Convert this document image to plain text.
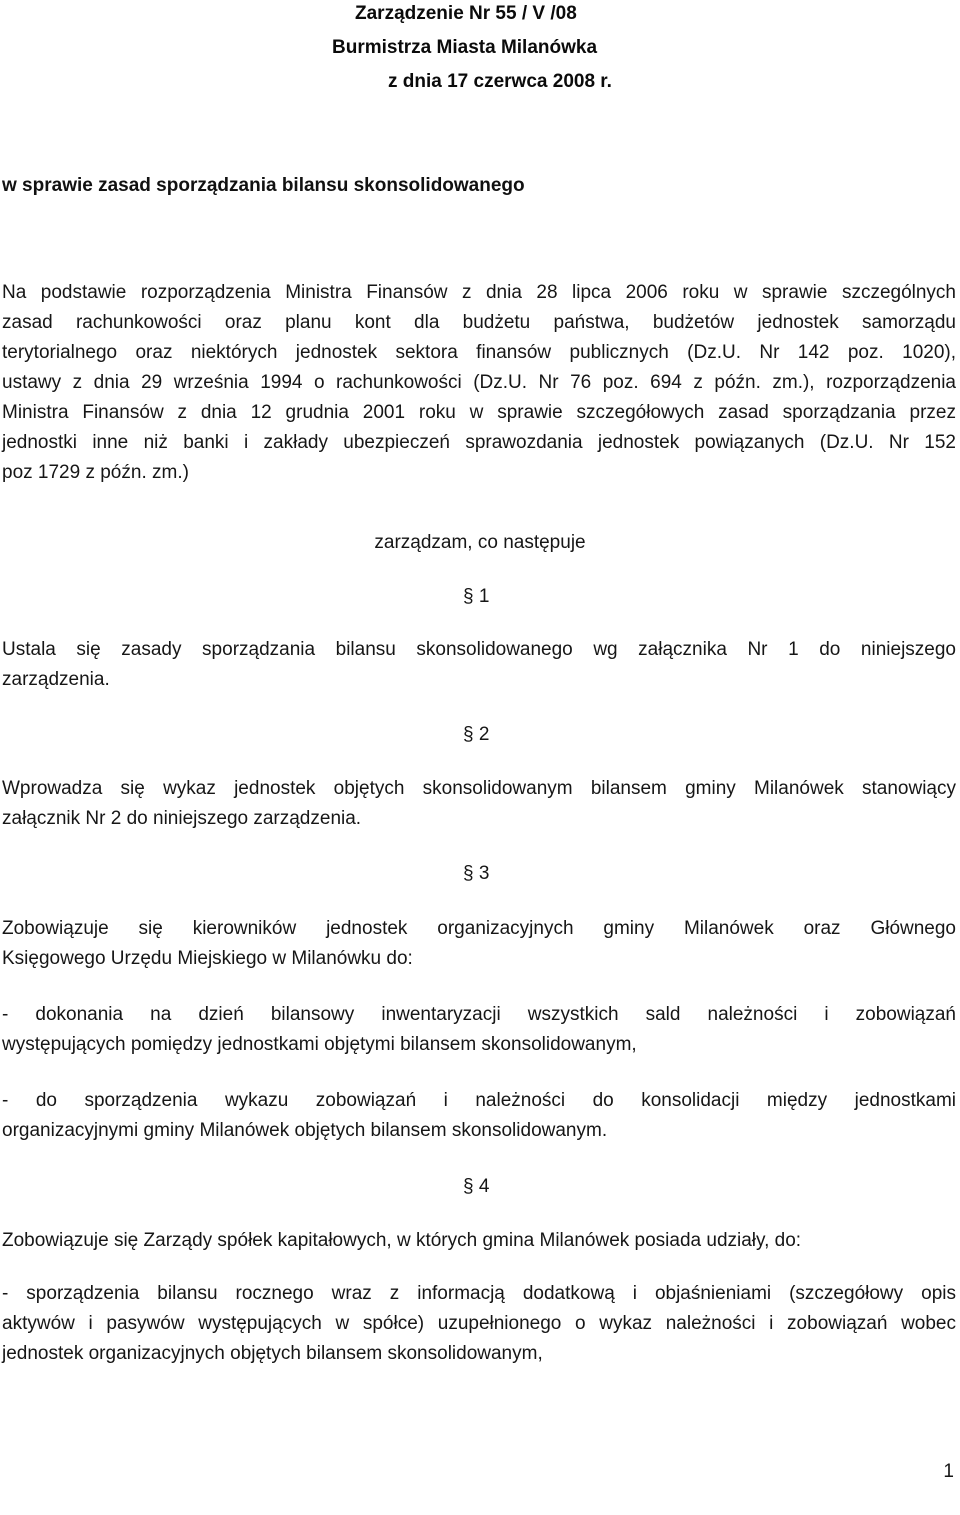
Zarządzenie Nr 55 / V /08
Burmistrza Miasta Milanówka
z dnia 17 czerwca 2008 r.
w sprawie zasad sporządzania bilansu skonsolidowanego
Na podstawie rozporządzenia Ministra Finansów z dnia 28 lipca 2006 roku w sprawie szczególnych
zasad rachunkowości oraz planu kont dla budżetu państwa, budżetów jednostek samorządu
terytorialnego oraz niektórych jednostek sektora finansów publicznych (Dz.U. Nr 142 poz. 1020),
ustawy z dnia 29 września 1994 o rachunkowości (Dz.U. Nr 76 poz. 694 z późn. zm.), rozporządzenia
Ministra Finansów z dnia 12 grudnia 2001 roku w sprawie szczegółowych zasad sporządzania przez
jednostki inne niż banki i zakłady ubezpieczeń sprawozdania jednostek powiązanych (Dz.U. Nr 152
poz 1729 z późn. zm.)
zarządzam, co następuje
§ 1
Ustala się zasady sporządzania bilansu skonsolidowanego wg załącznika Nr 1 do niniejszego
zarządzenia.
§ 2
Wprowadza się wykaz jednostek objętych skonsolidowanym bilansem gminy Milanówek stanowiący
załącznik Nr 2 do niniejszego zarządzenia.
§ 3
Zobowiązuje się kierowników jednostek organizacyjnych gminy Milanówek oraz Głównego
Księgowego Urzędu Miejskiego w Milanówku do:
- dokonania na dzień bilansowy inwentaryzacji wszystkich sald należności i zobowiązań
występujących pomiędzy jednostkami objętymi bilansem skonsolidowanym,
- do sporządzenia wykazu zobowiązań i należności do konsolidacji między jednostkami
organizacyjnymi gminy Milanówek objętych bilansem skonsolidowanym.
§ 4
Zobowiązuje się Zarządy spółek kapitałowych, w których gmina Milanówek posiada udziały, do:
- sporządzenia bilansu rocznego wraz z informacją dodatkową i objaśnieniami (szczegółowy opis
aktywów i pasywów występujących w spółce) uzupełnionego o wykaz należności i zobowiązań wobec
jednostek organizacyjnych objętych bilansem skonsolidowanym,
1
